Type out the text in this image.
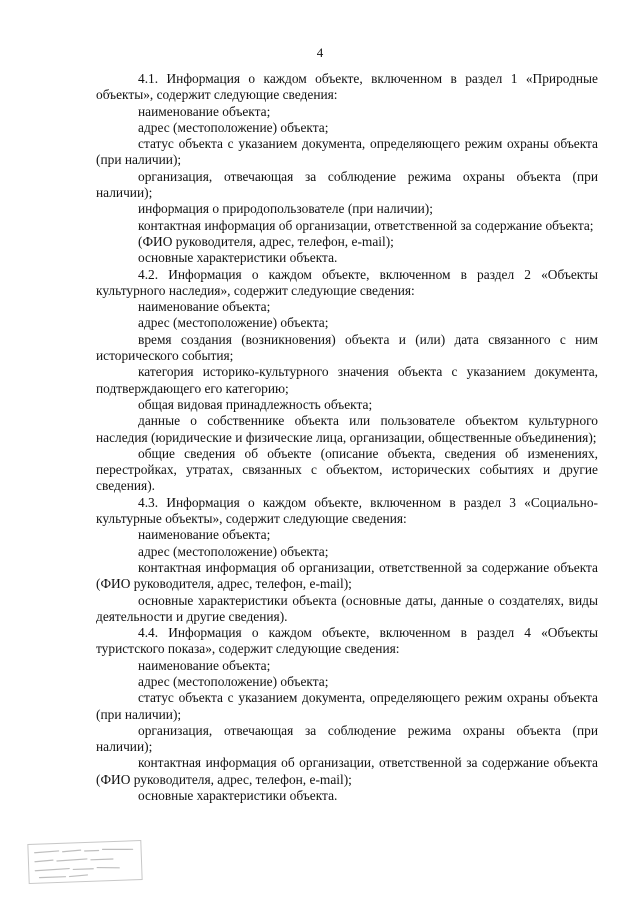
4

4.1. Информация о каждом объекте, включенном в раздел 1 «Природные объекты», содержит следующие сведения:

наименование объекта;

адрес (местоположение) объекта;

статус объекта с указанием документа, определяющего режим охраны объекта (при наличии);

организация, отвечающая за соблюдение режима охраны объекта (при наличии);

информация о природопользователе (при наличии);

контактная информация об организации, ответственной за содержание объекта;

(ФИО руководителя, адрес, телефон, e-mail);

основные характеристики объекта.

4.2. Информация о каждом объекте, включенном в раздел 2 «Объекты культурного наследия», содержит следующие сведения:

наименование объекта;

адрес (местоположение) объекта;

время создания (возникновения) объекта и (или) дата связанного с ним исторического события;

категория историко-культурного значения объекта с указанием документа, подтверждающего его категорию;

общая видовая принадлежность объекта;

данные о собственнике объекта или пользователе объектом культурного наследия (юридические и физические лица, организации, общественные объединения);

общие сведения об объекте (описание объекта, сведения об изменениях, перестройках, утратах, связанных с объектом, исторических событиях и другие сведения).

4.3. Информация о каждом объекте, включенном в раздел 3 «Социально-культурные объекты», содержит следующие сведения:

наименование объекта;

адрес (местоположение) объекта;

контактная информация об организации, ответственной за содержание объекта (ФИО руководителя, адрес, телефон, e-mail);

основные характеристики объекта (основные даты, данные о создателях, виды деятельности и другие сведения).

4.4. Информация о каждом объекте, включенном в раздел 4 «Объекты туристского показа», содержит следующие сведения:

наименование объекта;

адрес (местоположение) объекта;

статус объекта с указанием документа, определяющего режим охраны объекта (при наличии);

организация, отвечающая за соблюдение режима охраны объекта (при наличии);

контактная информация об организации, ответственной за содержание объекта (ФИО руководителя, адрес, телефон, e-mail);

основные характеристики объекта.
